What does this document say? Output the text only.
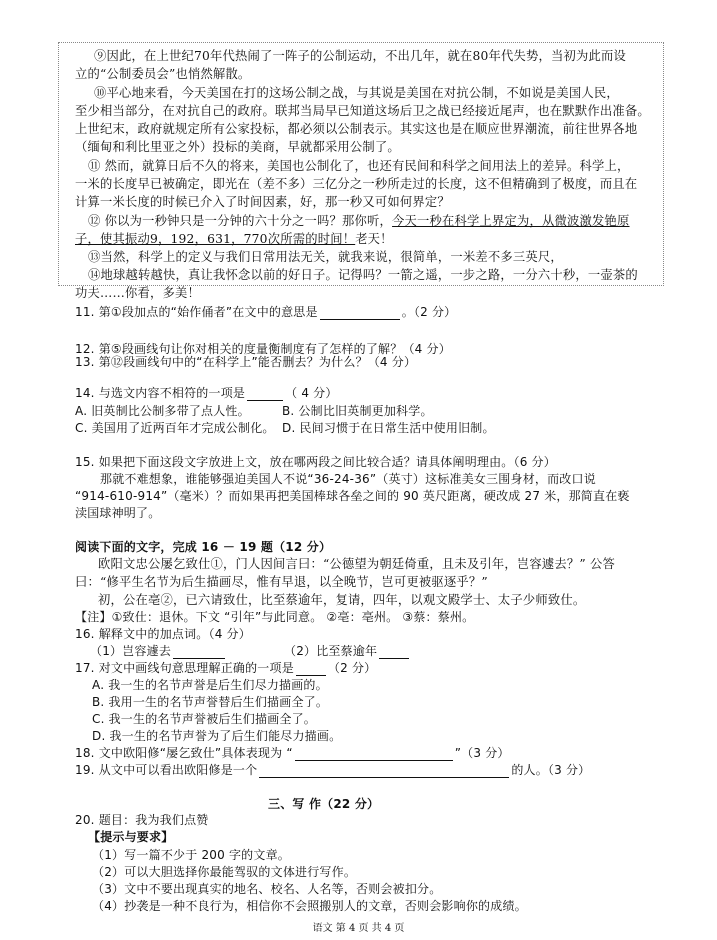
⑨因此，在上世纪70年代热闹了一阵子的公制运动，不出几年，就在80年代失势，当初为此而设
立的“公制委员会”也悄然解散。
⑩平心地来看，今天美国在打的这场公制之战，与其说是美国在对抗公制，不如说是美国人民，
至少相当部分，在对抗自己的政府。联邦当局早已知道这场后卫之战已经接近尾声，也在默默作出准备。
上世纪末，政府就规定所有公家投标，都必须以公制表示。其实这也是在顺应世界潮流，前往世界各地
（缅甸和利比里亚之外）投标的美商，早就都采用公制了。
⑪ 然而，就算日后不久的将来，美国也公制化了，也还有民间和科学之间用法上的差异。科学上，
一米的长度早已被确定，即光在（差不多）三亿分之一秒所走过的长度，这不但精确到了极度，而且在
计算一米长度的时候已介入了时间因素，好，那一秒又可如何界定？
⑫ 你以为一秒钟只是一分钟的六十分之一吗？那你听，今天一秒在科学上界定为，从微波激发铯原
子，使其振动9，192，631，770次所需的时间！老天！
⑬当然，科学上的定义与我们日常用法无关，就我来说，很简单，一米差不多三英尺，
⑭地球越转越快，真让我怀念以前的好日子。记得吗？一箭之遥，一步之路，一分六十秒，一壶茶的
功夫……你看，多美！
11. 第①段加点的“始作俑者”在文中的意思是	。（2 分）
12. 第⑤段画线句让你对相关的度量衡制度有了怎样的了解？（4 分）
13. 第⑫段画线句中的“在科学上”能否删去？为什么？（4 分）
14. 与选文内容不相符的一项是	（ 4 分）
A. 旧英制比公制多带了点人性。	B. 公制比旧英制更加科学。
C. 美国用了近两百年才完成公制化。 D. 民间习惯于在日常生活中使用旧制。
15. 如果把下面这段文字放进上文，放在哪两段之间比较合适？请具体阐明理由。（6 分）
那就不难想象，谁能够强迫美国人不说“36-24-36”（英寸）这标准美女三围身材，而改口说
“914-610-914”（毫米）？而如果再把美国棒球各垒之间的 90 英尺距离，硬改成 27 米，那简直在亵
渎国球神明了。
阅读下面的文字，完成 16 － 19 题（12 分）
欧阳文忠公屡乞致仕①，门人因间言曰：“公德望为朝廷倚重，且未及引年，岂容遽去？” 公答
曰：“修平生名节为后生描画尽，惟有早退，以全晚节，岂可更被驱逐乎？”
初，公在亳②，已六请致仕，比至蔡逾年，复请，四年，以观文殿学士、太子少师致仕。
【注】①致仕：退休。下文 “引年”与此同意。 ②亳：亳州。 ③蔡：蔡州。
16. 解释文中的加点词。（4 分）
（1）岂容遽去	（2）比至蔡逾年
17. 对文中画线句意思理解正确的一项是	（2 分）
A. 我一生的名节声誉是后生们尽力描画的。
B. 我用一生的名节声誉替后生们描画全了。
C. 我一生的名节声誉被后生们描画全了。
D. 我一生的名节声誉为了后生们能尽力描画。
18. 文中欧阳修“屡乞致仕”具体表现为 “	”（3 分）
19. 从文中可以看出欧阳修是一个	的人。（3 分）
三、写 作（22 分）
20. 题目：我为我们点赞
【提示与要求】
（1）写一篇不少于 200 字的文章。
（2）可以大胆选择你最能驾驭的文体进行写作。
（3）文中不要出现真实的地名、校名、人名等，否则会被扣分。
（4）抄袭是一种不良行为，相信你不会照搬别人的文章，否则会影响你的成绩。
语文 第 4 页 共 4 页
